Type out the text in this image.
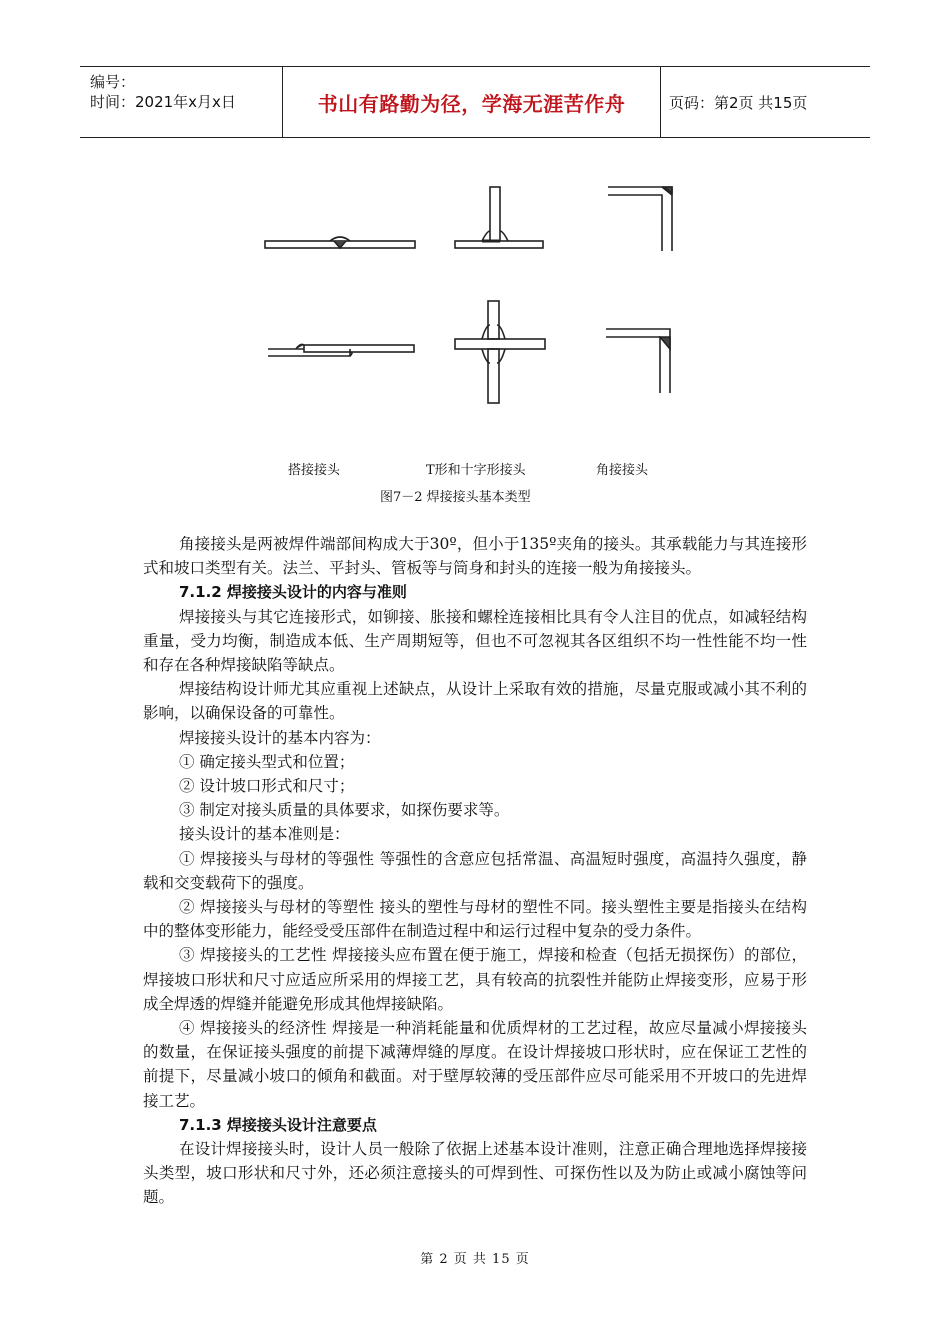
编号：
时间：2021年x月x日	书山有路勤为径，学海无涯苦作舟	页码：第2页 共15页
搭接接头	T形和十字形接头	角接接头
图7－2 焊接接头基本类型

角接接头是两被焊件端部间构成大于30º，但小于135º夹角的接头。其承载能力与其连接形式和坡口类型有关。法兰、平封头、管板等与筒身和封头的连接一般为角接接头。

7.1.2 焊接接头设计的内容与准则

焊接接头与其它连接形式，如铆接、胀接和螺栓连接相比具有令人注目的优点，如减轻结构重量，受力均衡，制造成本低、生产周期短等，但也不可忽视其各区组织不均一性性能不均一性和存在各种焊接缺陷等缺点。

焊接结构设计师尤其应重视上述缺点，从设计上采取有效的措施，尽量克服或减小其不利的影响，以确保设备的可靠性。

焊接接头设计的基本内容为：

① 确定接头型式和位置；

② 设计坡口形式和尺寸；

③ 制定对接头质量的具体要求，如探伤要求等。

接头设计的基本准则是：

① 焊接接头与母材的等强性 等强性的含意应包括常温、高温短时强度，高温持久强度，静载和交变载荷下的强度。

② 焊接接头与母材的等塑性 接头的塑性与母材的塑性不同。接头塑性主要是指接头在结构中的整体变形能力，能经受受压部件在制造过程中和运行过程中复杂的受力条件。

③ 焊接接头的工艺性 焊接接头应布置在便于施工，焊接和检查（包括无损探伤）的部位，焊接坡口形状和尺寸应适应所采用的焊接工艺，具有较高的抗裂性并能防止焊接变形，应易于形成全焊透的焊缝并能避免形成其他焊接缺陷。

④ 焊接接头的经济性 焊接是一种消耗能量和优质焊材的工艺过程，故应尽量减小焊接接头的数量，在保证接头强度的前提下减薄焊缝的厚度。在设计焊接坡口形状时，应在保证工艺性的前提下，尽量减小坡口的倾角和截面。对于壁厚较薄的受压部件应尽可能采用不开坡口的先进焊接工艺。

7.1.3 焊接接头设计注意要点

在设计焊接接头时，设计人员一般除了依据上述基本设计准则，注意正确合理地选择焊接接头类型，坡口形状和尺寸外，还必须注意接头的可焊到性、可探伤性以及为防止或减小腐蚀等问题。

第 2 页 共 15 页
